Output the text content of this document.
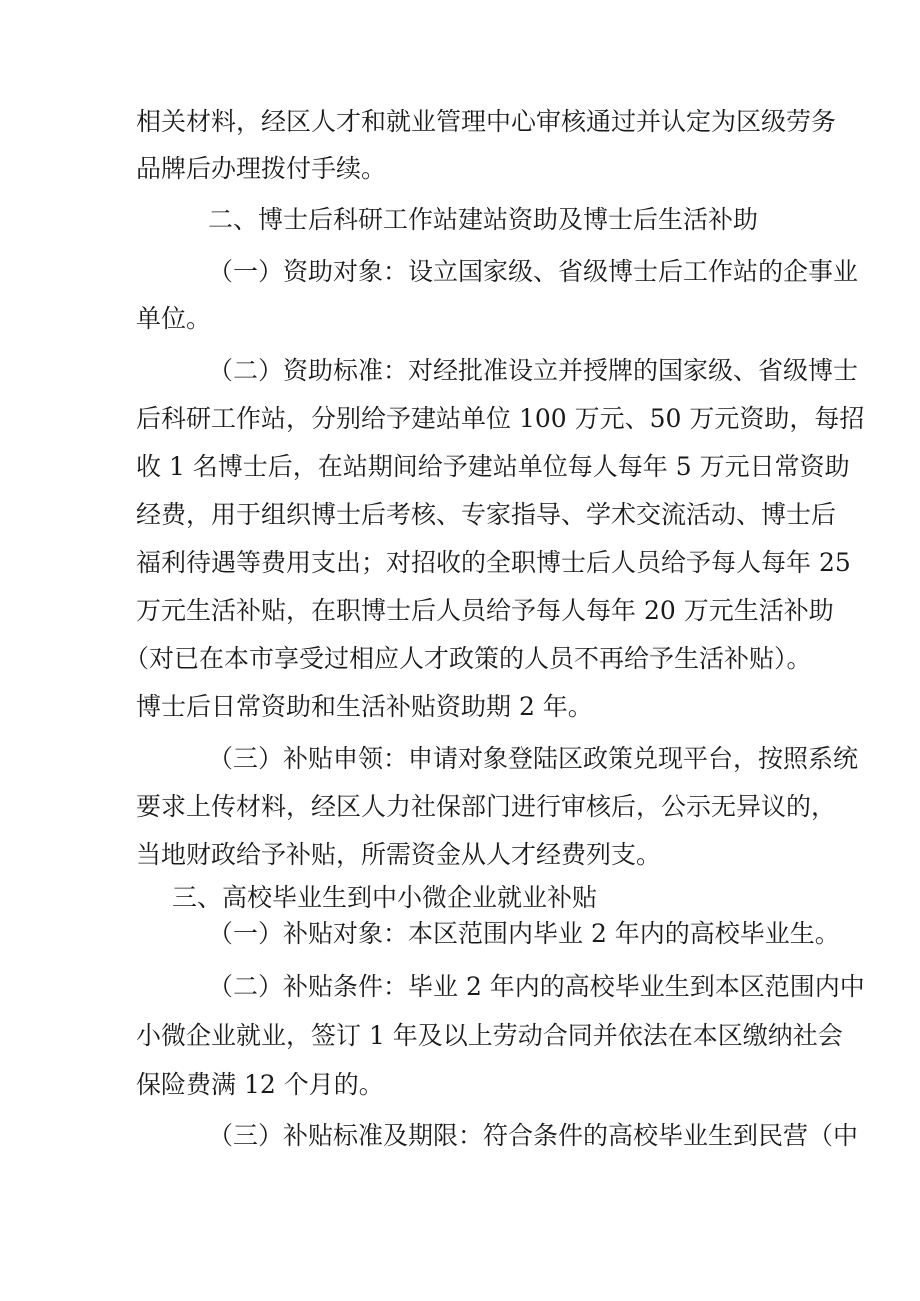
相关材料，经区人才和就业管理中心审核通过并认定为区级劳务
品牌后办理拨付手续。
二、博士后科研工作站建站资助及博士后生活补助
（一）资助对象：设立国家级、省级博士后工作站的企事业
单位。
（二）资助标准：对经批准设立并授牌的国家级、省级博士
后科研工作站，分别给予建站单位 100 万元、50 万元资助，每招
收 1 名博士后，在站期间给予建站单位每人每年 5 万元日常资助
经费，用于组织博士后考核、专家指导、学术交流活动、博士后
福利待遇等费用支出；对招收的全职博士后人员给予每人每年 25
万元生活补贴，在职博士后人员给予每人每年 20 万元生活补助
（对已在本市享受过相应人才政策的人员不再给予生活补贴）。
博士后日常资助和生活补贴资助期 2 年。
（三）补贴申领：申请对象登陆区政策兑现平台，按照系统
要求上传材料，经区人力社保部门进行审核后，公示无异议的，
当地财政给予补贴，所需资金从人才经费列支。
三、高校毕业生到中小微企业就业补贴
（一）补贴对象：本区范围内毕业 2 年内的高校毕业生。
（二）补贴条件：毕业 2 年内的高校毕业生到本区范围内中
小微企业就业，签订 1 年及以上劳动合同并依法在本区缴纳社会
保险费满 12 个月的。
（三）补贴标准及期限：符合条件的高校毕业生到民营（中
